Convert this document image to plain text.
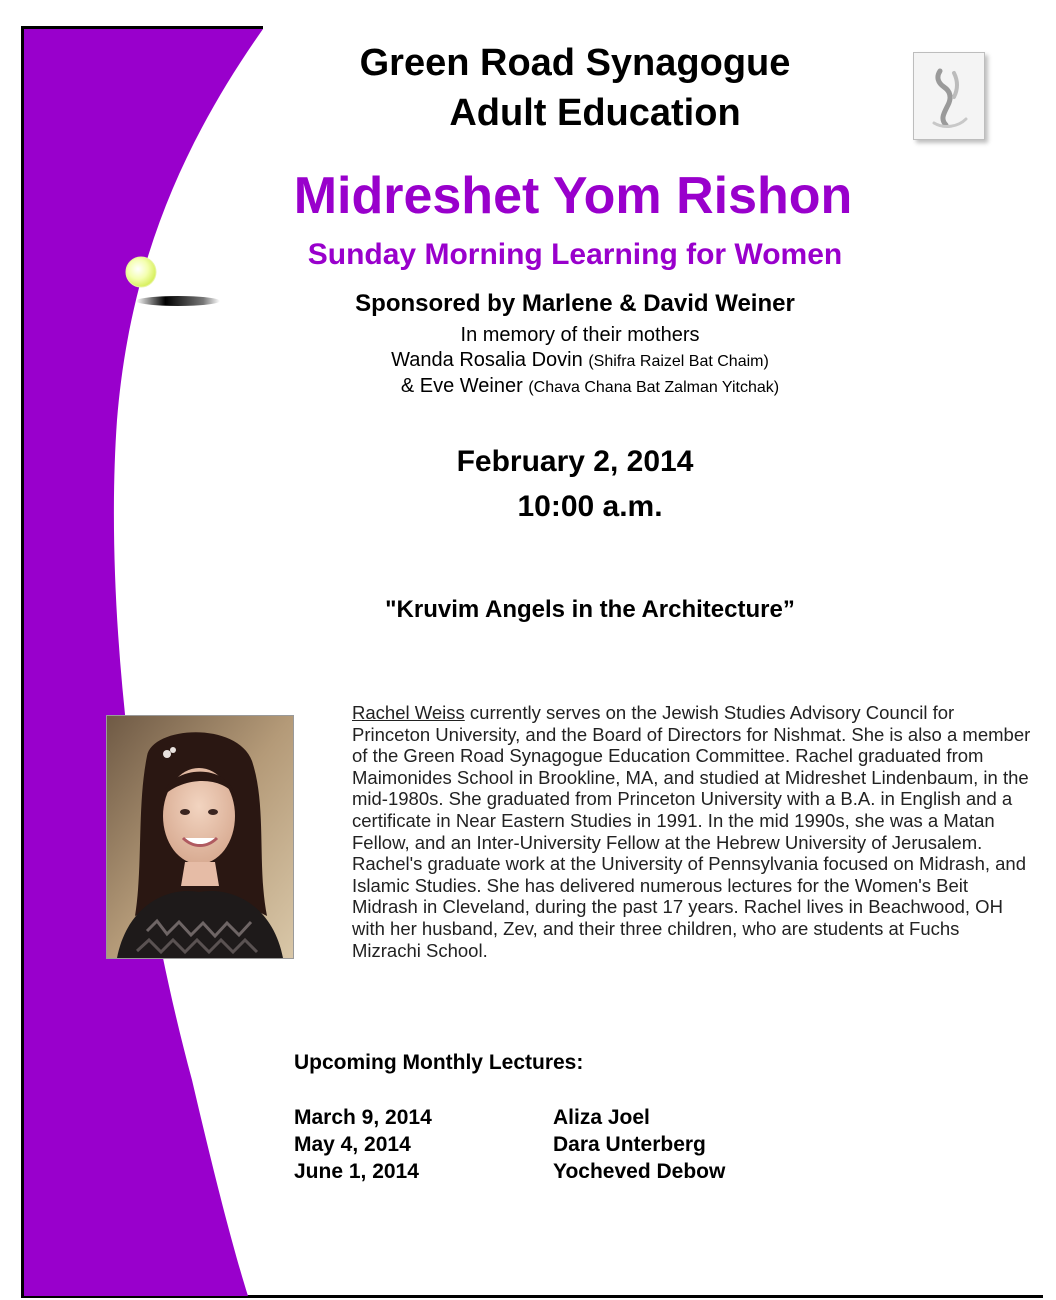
Green Road Synagogue
Adult Education
Midreshet Yom Rishon
Sunday Morning Learning for Women
Sponsored by Marlene & David Weiner
In memory of their mothers
Wanda Rosalia Dovin (Shifra Raizel Bat Chaim)
& Eve Weiner (Chava Chana Bat Zalman Yitchak)
February 2, 2014
10:00 a.m.
"Kruvim Angels in the Architecture”
Rachel Weiss currently serves on the Jewish Studies Advisory Council for Princeton University, and the Board of Directors for Nishmat. She is also a member of the Green Road Synagogue Education Committee. Rachel graduated from Maimonides School in Brookline, MA, and studied at Midreshet Lindenbaum, in the mid-1980s. She graduated from Princeton University with a B.A. in English and a certificate in Near Eastern Studies in 1991. In the mid 1990s, she was a Matan Fellow, and an Inter-University Fellow at the Hebrew University of Jerusalem. Rachel's graduate work at the University of Pennsylvania focused on Midrash, and Islamic Studies. She has delivered numerous lectures for the Women's Beit Midrash in Cleveland, during the past 17 years. Rachel lives in Beachwood, OH with her husband, Zev, and their three children, who are students at Fuchs Mizrachi School.
Upcoming Monthly Lectures:
March 9, 2014	Aliza Joel
May 4, 2014	Dara Unterberg
June 1, 2014	Yocheved Debow
